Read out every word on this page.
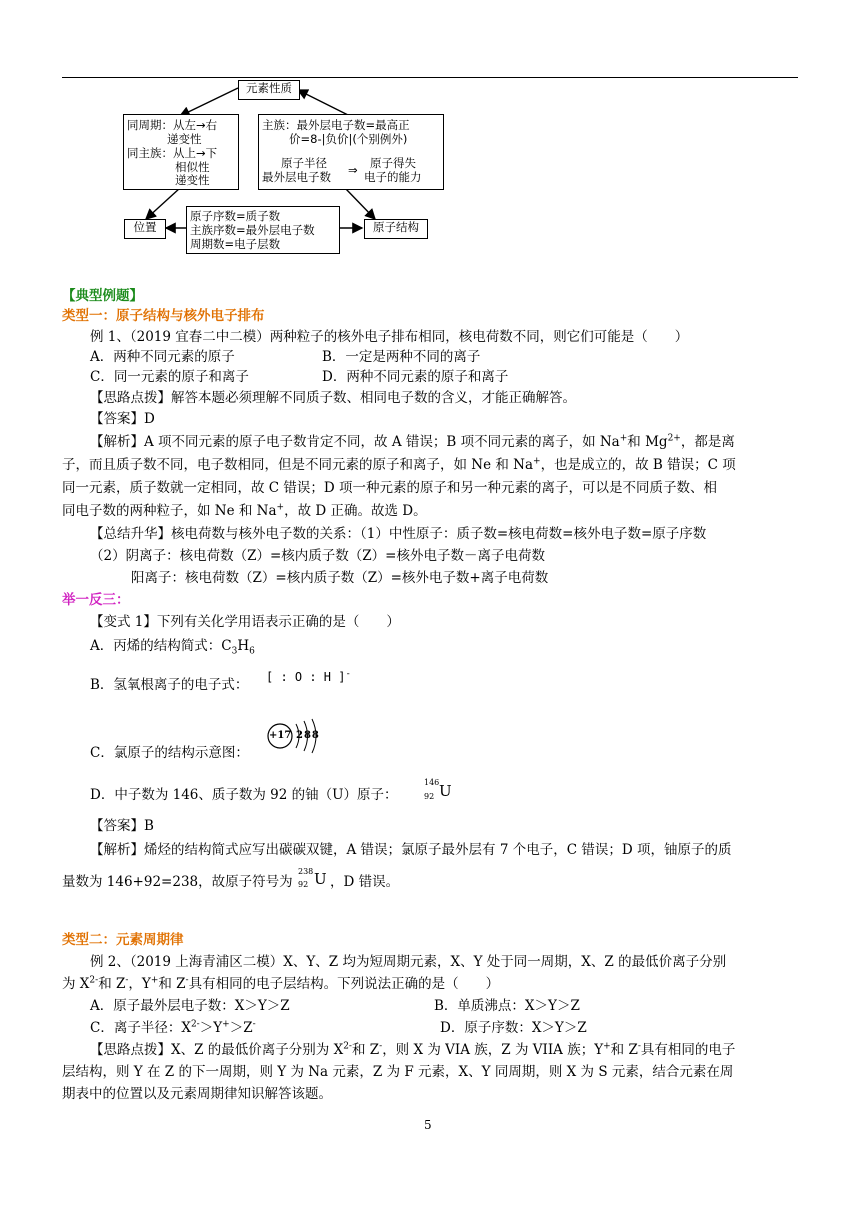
元素性质
同周期：从左→右
递变性
同主族：从上→下
相似性
递变性
主族：最外层电子数=最高正
价=8-|负价|(个别例外)
原子半径
最外层电子数 ⇒ 原子得失
电子的能力
位置
原子序数=质子数
主族序数=最外层电子数
周期数=电子层数
原子结构
【典型例题】
类型一：原子结构与核外电子排布
例 1、（2019 宜春二中二模）两种粒子的核外电子排布相同，核电荷数不同，则它们可能是（　　）
A．两种不同元素的原子	B．一定是两种不同的离子
C．同一元素的原子和离子	D．两种不同元素的原子和离子
【思路点拨】解答本题必须理解不同质子数、相同电子数的含义，才能正确解答。
【答案】D
【解析】A 项不同元素的原子电子数肯定不同，故 A 错误；B 项不同元素的离子，如 Na+和 $Mg^{2+}$，都是离
子，而且质子数不同，电子数相同，但是不同元素的原子和离子，如 Ne 和 Na+，也是成立的，故 B 错误；C 项
同一元素，质子数就一定相同，故 C 错误；D 项一种元素的原子和另一种元素的离子，可以是不同质子数、相
同电子数的两种粒子，如 Ne 和 Na+，故 D 正确。故选 D。
【总结升华】核电荷数与核外电子数的关系：（1）中性原子：质子数=核电荷数=核外电子数=原子序数
（2）阴离子：核电荷数（Z）=核内质子数（Z）=核外电子数－离子电荷数
阳离子：核电荷数（Z）=核内质子数（Z）=核外电子数+离子电荷数
举一反三：
【变式 1】下列有关化学用语表示正确的是（　　）
A．丙烯的结构简式：$C_3H_6$
B．氢氧根离子的电子式： [ : O : H ]-
C．氯原子的结构示意图：
+17 288
D．中子数为 146、质子数为 92 的铀（U）原子：
146
92 U
【答案】B
【解析】烯烃的结构简式应写出碳碳双键，A 错误；氯原子最外层有 7 个电子，C 错误；D 项，铀原子的质
量数为 146+92=238，故原子符号为
238
92 U ，D 错误。
类型二：元素周期律
例 2、（2019 上海青浦区二模）X、Y、Z 均为短周期元素，X、Y 处于同一周期，X、Z 的最低价离子分别
为 $X^{2-}$和 Z-，Y+和 Z-具有相同的电子层结构。下列说法正确的是（　　）
A．原子最外层电子数：X＞Y＞Z	B．单质沸点：X＞Y＞Z
C．离子半径：$X^{2-}>Y^+>Z^-$	D．原子序数：X＞Y＞Z
【思路点拨】X、Z 的最低价离子分别为 $X^{2-}$和 Z-，则 X 为 VIA 族，Z 为 VIIA 族；Y+和 Z-具有相同的电子
层结构，则 Y 在 Z 的下一周期，则 Y 为 Na 元素，Z 为 F 元素，X、Y 同周期，则 X 为 S 元素，结合元素在周
期表中的位置以及元素周期律知识解答该题。
5
